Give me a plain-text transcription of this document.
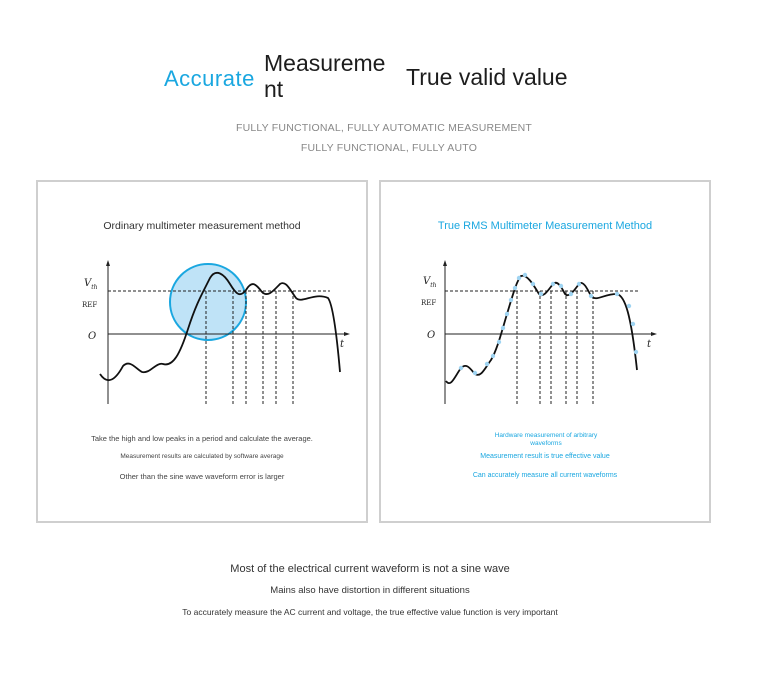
Accurate
Measurement	True valid value
FULLY FUNCTIONAL, FULLY AUTOMATIC MEASUREMENT
FULLY FUNCTIONAL, FULLY AUTO
Ordinary multimeter measurement method
$V_{th}$
REF
O
t
Take the high and low peaks in a period and calculate the average.
Measurement results are calculated by software average
Other than the sine wave waveform error is larger
True RMS Multimeter Measurement Method
$V_{th}$
REF
O
t
Hardware measurement of arbitrary waveforms
Measurement result is true effective value
Can accurately measure all current waveforms
Most of the electrical current waveform is not a sine wave
Mains also have distortion in different situations
To accurately measure the AC current and voltage, the true effective value function is very important
